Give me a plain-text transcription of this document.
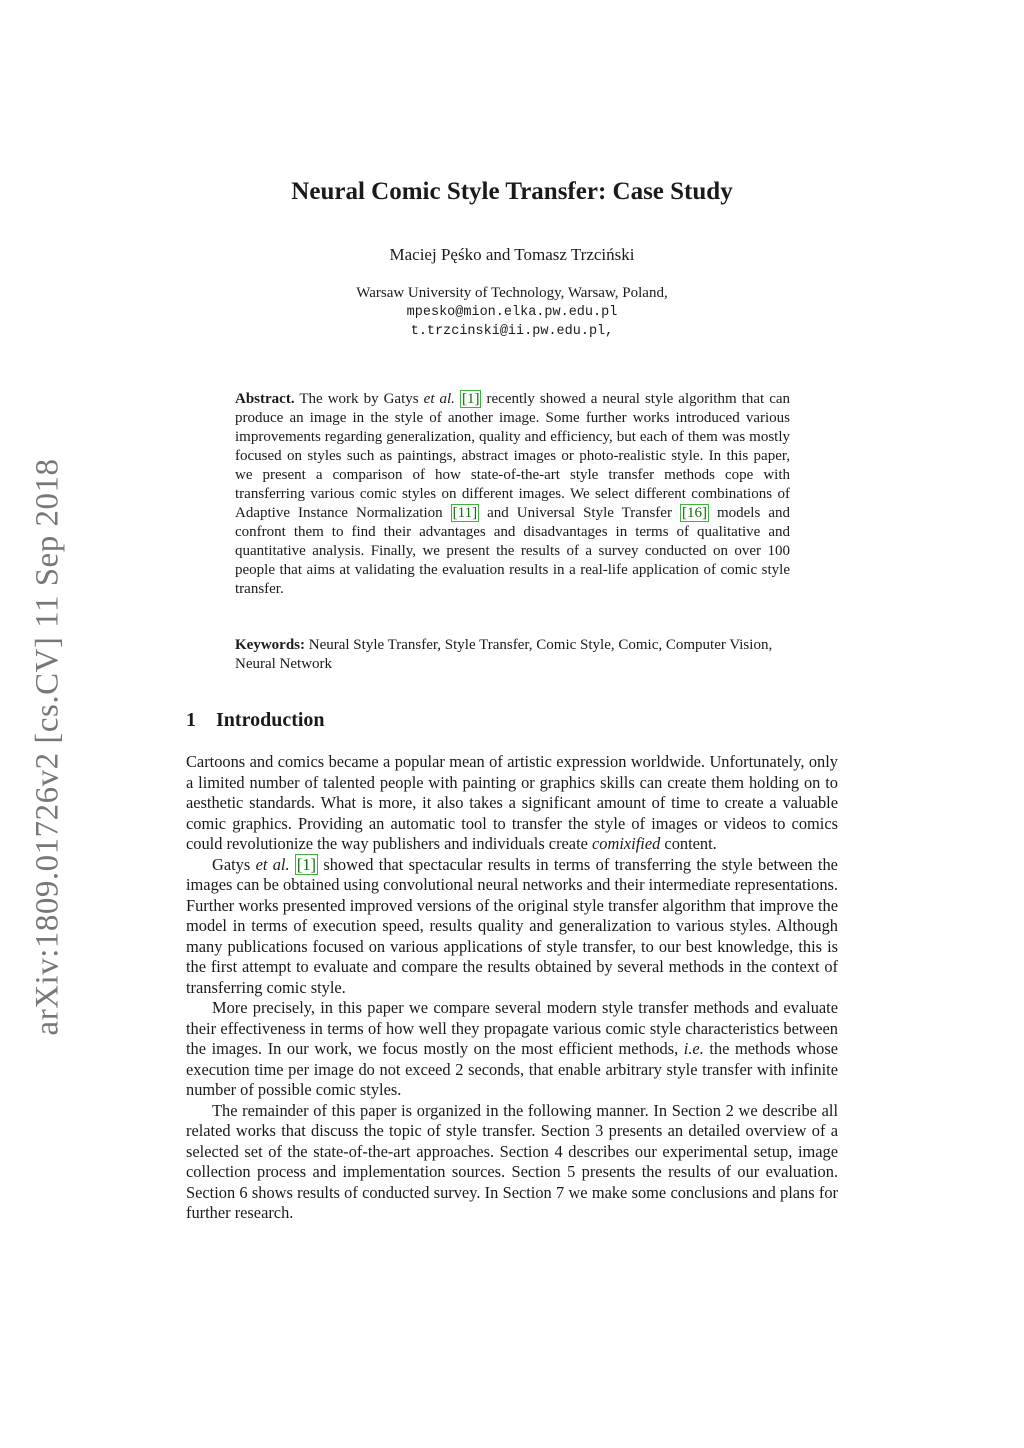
arXiv:1809.01726v2 [cs.CV] 11 Sep 2018
Neural Comic Style Transfer: Case Study
Maciej Pęśko and Tomasz Trzciński
Warsaw University of Technology, Warsaw, Poland,
mpesko@mion.elka.pw.edu.pl
t.trzcinski@ii.pw.edu.pl,
Abstract. The work by Gatys et al. [1] recently showed a neural style algorithm that can produce an image in the style of another image. Some further works introduced various improvements regarding generalization, quality and efficiency, but each of them was mostly focused on styles such as paintings, abstract images or photo-realistic style. In this paper, we present a comparison of how state-of-the-art style transfer methods cope with transferring various comic styles on different images. We select different combinations of Adaptive Instance Normalization [11] and Universal Style Transfer [16] models and confront them to find their advantages and disadvantages in terms of qualitative and quantitative analysis. Finally, we present the results of a survey conducted on over 100 people that aims at validating the evaluation results in a real-life application of comic style transfer.
Keywords: Neural Style Transfer, Style Transfer, Comic Style, Comic, Computer Vision, Neural Network
1 Introduction

Cartoons and comics became a popular mean of artistic expression worldwide. Unfortunately, only a limited number of talented people with painting or graphics skills can create them holding on to aesthetic standards. What is more, it also takes a significant amount of time to create a valuable comic graphics. Providing an automatic tool to transfer the style of images or videos to comics could revolutionize the way publishers and individuals create comixified content.

Gatys et al. [1] showed that spectacular results in terms of transferring the style between the images can be obtained using convolutional neural networks and their intermediate representations. Further works presented improved versions of the original style transfer algorithm that improve the model in terms of execution speed, results quality and generalization to various styles. Although many publications focused on various applications of style transfer, to our best knowledge, this is the first attempt to evaluate and compare the results obtained by several methods in the context of transferring comic style.

More precisely, in this paper we compare several modern style transfer methods and evaluate their effectiveness in terms of how well they propagate various comic style characteristics between the images. In our work, we focus mostly on the most efficient methods, i.e. the methods whose execution time per image do not exceed 2 seconds, that enable arbitrary style transfer with infinite number of possible comic styles.

The remainder of this paper is organized in the following manner. In Section 2 we describe all related works that discuss the topic of style transfer. Section 3 presents an detailed overview of a selected set of the state-of-the-art approaches. Section 4 describes our experimental setup, image collection process and implementation sources. Section 5 presents the results of our evaluation. Section 6 shows results of conducted survey. In Section 7 we make some conclusions and plans for further research.
